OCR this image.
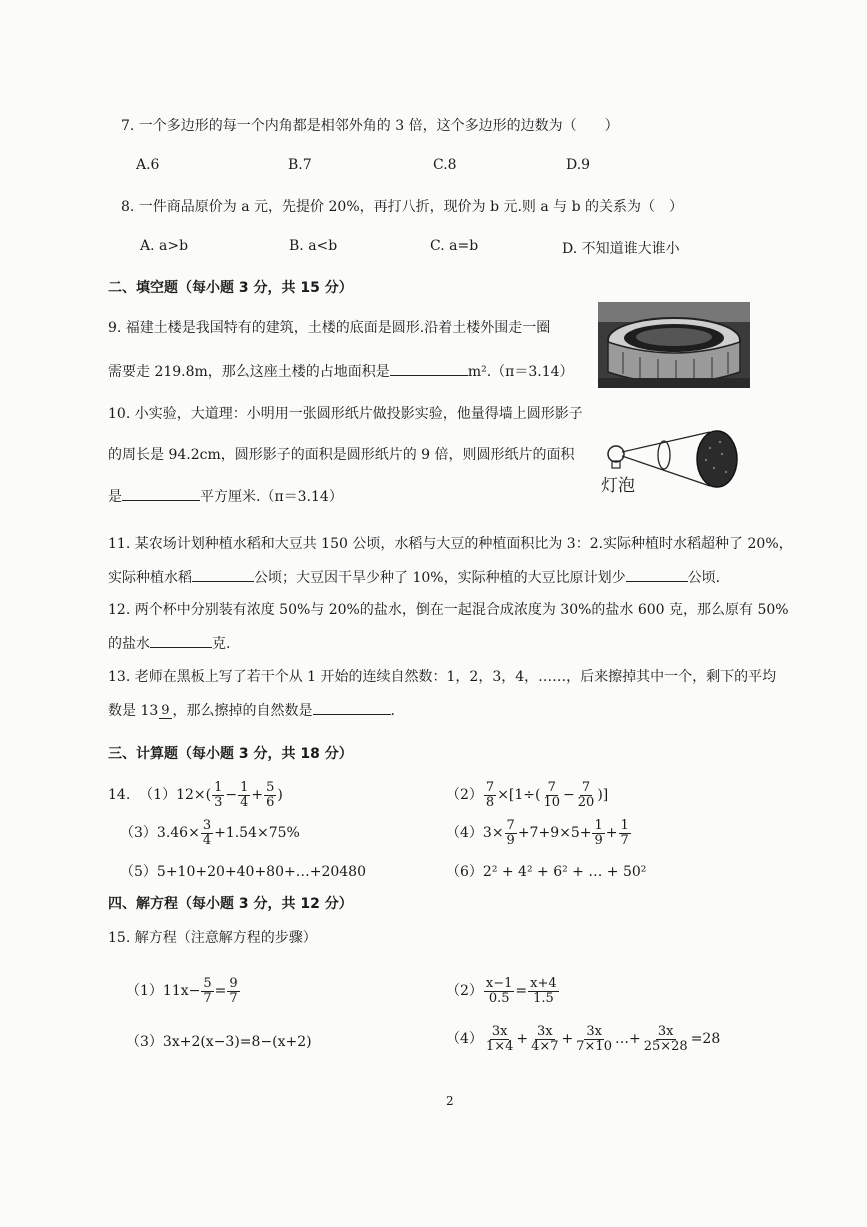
7. 一个多边形的每一个内角都是相邻外角的 3 倍，这个多边形的边数为（　　）
A.6	B.7	C.8	D.9
8. 一件商品原价为 a 元，先提价 20%，再打八折，现价为 b 元.则 a 与 b 的关系为（　）
A. a>b	B. a<b	C. a=b	D. 不知道谁大谁小
二、填空题（每小题 3 分，共 15 分）
9. 福建土楼是我国特有的建筑，土楼的底面是圆形.沿着土楼外围走一圈
需要走 219.8m，那么这座土楼的占地面积是	m².（π＝3.14）
10. 小实验，大道理：小明用一张圆形纸片做投影实验，他量得墙上圆形影子
的周长是 94.2cm，圆形影子的面积是圆形纸片的 9 倍，则圆形纸片的面积
是	平方厘米.（π＝3.14）
灯泡
11. 某农场计划种植水稻和大豆共 150 公顷，水稻与大豆的种植面积比为 3：2.实际种植时水稻超种了 20%，
实际种植水稻	公顷；大豆因干旱少种了 10%，实际种植的大豆比原计划少	公顷.
12. 两个杯中分别装有浓度 50%与 20%的盐水，倒在一起混合成浓度为 30%的盐水 600 克，那么原有 50%
的盐水	克.
13. 老师在黑板上写了若干个从 1 开始的连续自然数：1，2，3，4，……，后来擦掉其中一个，剩下的平均
数是 13 9 ，那么擦掉的自然数是	.
三、计算题（每小题 3 分，共 18 分）
14. $(1)12\times( \frac{1}{3} - \frac{1}{4} + \frac{5}{6}$ )	$(2) \frac{7}{8} \times[1\div( \frac{7}{10} - \frac{7}{20}$ )]
$(3)3.46\times \frac{3}{4} +1.54\times 75\%$	$(4)3\times \frac{7}{9} +7+9\times 5+ \frac{1}{9} + \frac{1}{7}$
（5）5+10+20+40+80+…+20480	（6）2² + 4² + 6² + … + 50²
四、解方程（每小题 3 分，共 12 分）
15. 解方程（注意解方程的步骤）
$(1)11x- \frac{5}{7} = \frac{9}{7}$	$(2) \frac{x-1}{0.5} = \frac{x+4}{1.5}$
（3）3x+2(x−3)=8−(x+2)	$(4) \frac{3x}{1\times 4} + \frac{3x}{4\times 7} + \frac{3x}{7\times 10}$ …+ $\frac{3x}{25\times 28} =28$
2
